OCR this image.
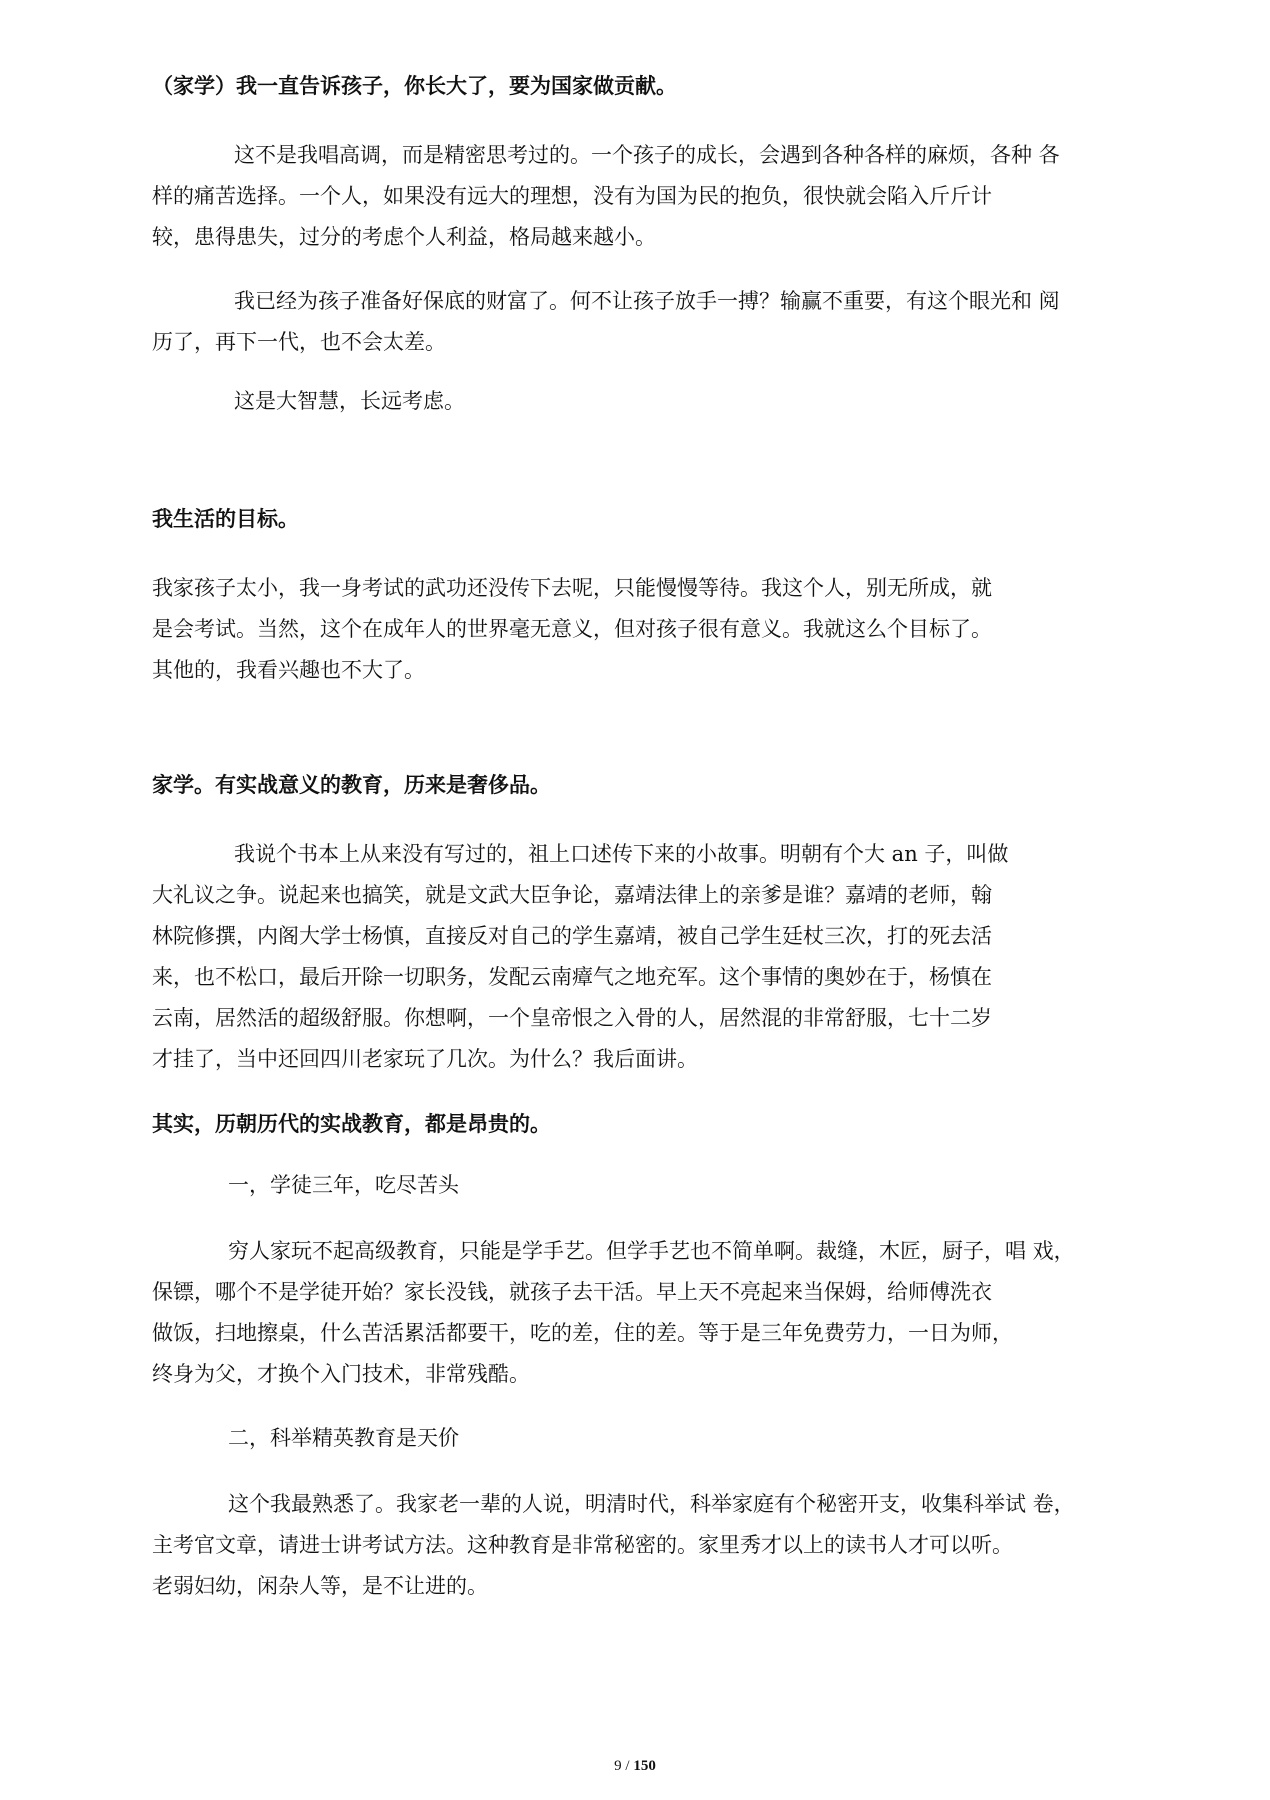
（家学）我一直告诉孩子，你长大了，要为国家做贡献。
这不是我唱高调，而是精密思考过的。一个孩子的成长，会遇到各种各样的麻烦，各种 各
样的痛苦选择。一个人，如果没有远大的理想，没有为国为民的抱负，很快就会陷入斤斤计
较，患得患失，过分的考虑个人利益，格局越来越小。
我已经为孩子准备好保底的财富了。何不让孩子放手一搏？输赢不重要，有这个眼光和 阅
历了，再下一代，也不会太差。
这是大智慧，长远考虑。
我生活的目标。
我家孩子太小，我一身考试的武功还没传下去呢，只能慢慢等待。我这个人，别无所成，就
是会考试。当然，这个在成年人的世界毫无意义，但对孩子很有意义。我就这么个目标了。
其他的，我看兴趣也不大了。
家学。有实战意义的教育，历来是奢侈品。
我说个书本上从来没有写过的，祖上口述传下来的小故事。明朝有个大 an 子，叫做
大礼议之争。说起来也搞笑，就是文武大臣争论，嘉靖法律上的亲爹是谁？嘉靖的老师，翰
林院修撰，内阁大学士杨慎，直接反对自己的学生嘉靖，被自己学生廷杖三次，打的死去活
来，也不松口，最后开除一切职务，发配云南瘴气之地充军。这个事情的奥妙在于，杨慎在
云南，居然活的超级舒服。你想啊，一个皇帝恨之入骨的人，居然混的非常舒服，七十二岁
才挂了，当中还回四川老家玩了几次。为什么？我后面讲。
其实，历朝历代的实战教育，都是昂贵的。
一，学徒三年，吃尽苦头
穷人家玩不起高级教育，只能是学手艺。但学手艺也不简单啊。裁缝，木匠，厨子，唱 戏，
保镖，哪个不是学徒开始？家长没钱，就孩子去干活。早上天不亮起来当保姆，给师傅洗衣
做饭，扫地擦桌，什么苦活累活都要干，吃的差，住的差。等于是三年免费劳力，一日为师，
终身为父，才换个入门技术，非常残酷。
二，科举精英教育是天价
这个我最熟悉了。我家老一辈的人说，明清时代，科举家庭有个秘密开支，收集科举试 卷，
主考官文章，请进士讲考试方法。这种教育是非常秘密的。家里秀才以上的读书人才可以听。
老弱妇幼，闲杂人等，是不让进的。
9 / 150
